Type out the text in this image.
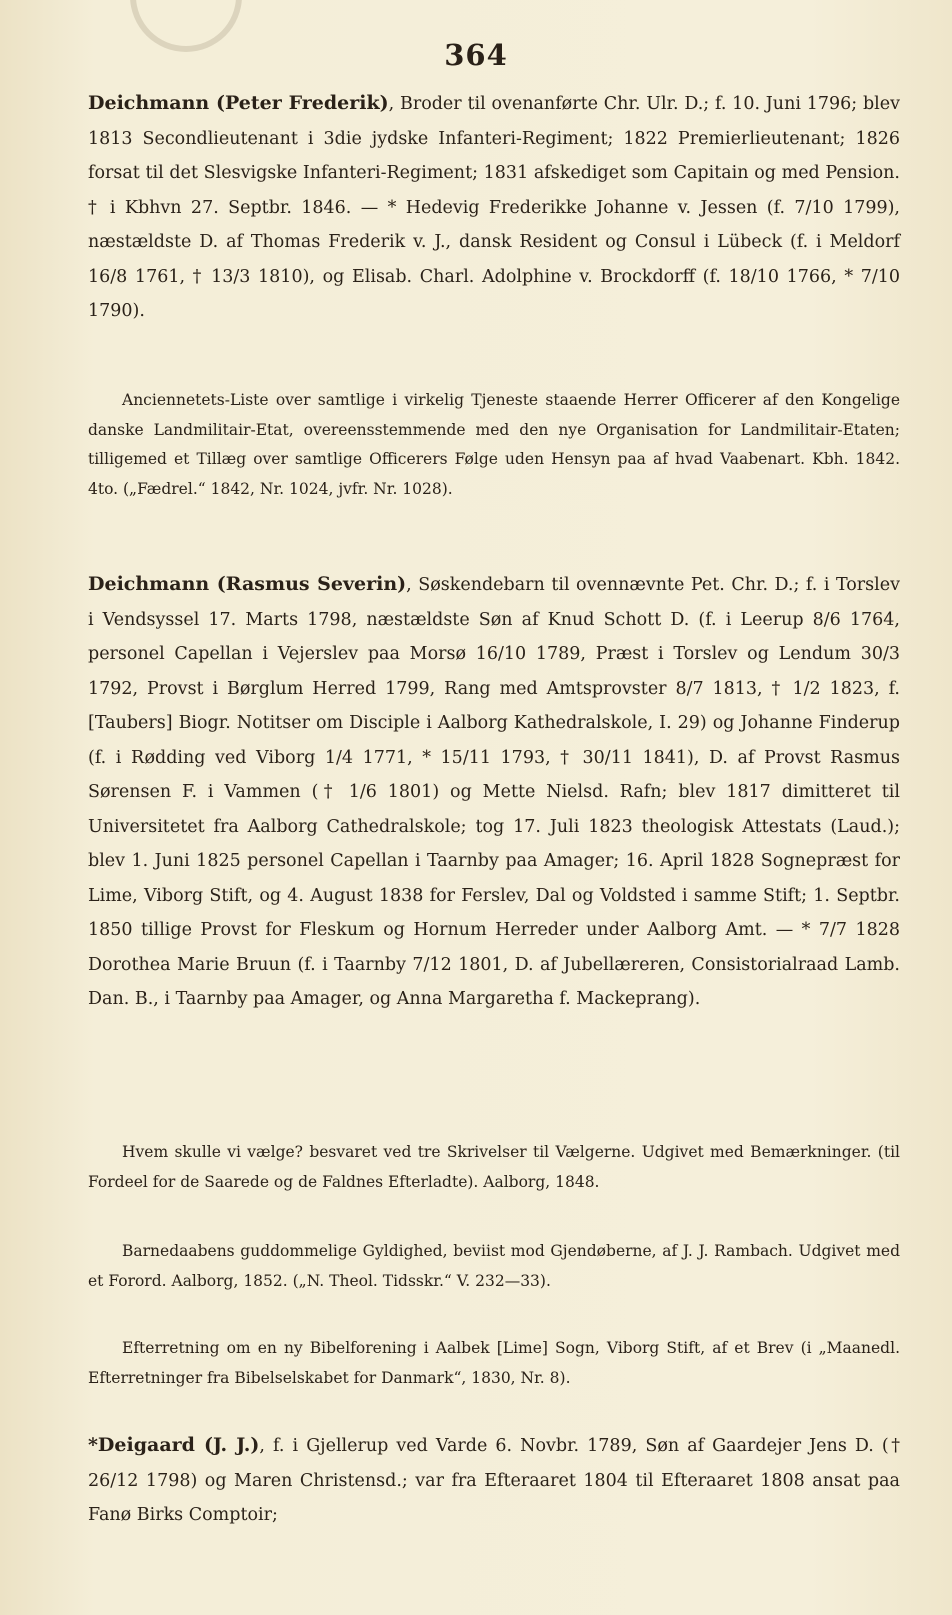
364
Deichmann (Peter Frederik), Broder til ovenanførte Chr. Ulr. D.; f. 10. Juni 1796; blev 1813 Secondlieutenant i 3die jydske Infanteri-Regiment; 1822 Premierlieutenant; 1826 forsat til det Slesvigske Infanteri-Regiment; 1831 afskediget som Capitain og med Pension. † i Kbhvn 27. Septbr. 1846. — * Hedevig Frederikke Johanne v. Jessen (f. 7/10 1799), næstældste D. af Thomas Frederik v. J., dansk Resident og Consul i Lübeck (f. i Meldorf 16/8 1761, † 13/3 1810), og Elisab. Charl. Adolphine v. Brockdorff (f. 18/10 1766, * 7/10 1790).
Anciennetets-Liste over samtlige i virkelig Tjeneste staaende Herrer Officerer af den Kongelige danske Landmilitair-Etat, overeensstemmende med den nye Organisation for Landmilitair-Etaten; tilligemed et Tillæg over samtlige Officerers Følge uden Hensyn paa af hvad Vaabenart. Kbh. 1842. 4to. („Fædrel.“ 1842, Nr. 1024, jvfr. Nr. 1028).
Deichmann (Rasmus Severin), Søskendebarn til ovennævnte Pet. Chr. D.; f. i Torslev i Vendsyssel 17. Marts 1798, næstældste Søn af Knud Schott D. (f. i Leerup 8/6 1764, personel Capellan i Vejerslev paa Morsø 16/10 1789, Præst i Torslev og Lendum 30/3 1792, Provst i Børglum Herred 1799, Rang med Amtsprovster 8/7 1813, † 1/2 1823, f. [Taubers] Biogr. Notitser om Disciple i Aalborg Kathedralskole, I. 29) og Johanne Finderup (f. i Rødding ved Viborg 1/4 1771, * 15/11 1793, † 30/11 1841), D. af Provst Rasmus Sørensen F. i Vammen († 1/6 1801) og Mette Nielsd. Rafn; blev 1817 dimitteret til Universitetet fra Aalborg Cathedralskole; tog 17. Juli 1823 theologisk Attestats (Laud.); blev 1. Juni 1825 personel Capellan i Taarnby paa Amager; 16. April 1828 Sognepræst for Lime, Viborg Stift, og 4. August 1838 for Ferslev, Dal og Voldsted i samme Stift; 1. Septbr. 1850 tillige Provst for Fleskum og Hornum Herreder under Aalborg Amt. — * 7/7 1828 Dorothea Marie Bruun (f. i Taarnby 7/12 1801, D. af Jubellæreren, Consistorialraad Lamb. Dan. B., i Taarnby paa Amager, og Anna Margaretha f. Mackeprang).
Hvem skulle vi vælge? besvaret ved tre Skrivelser til Vælgerne. Udgivet med Bemærkninger. (til Fordeel for de Saarede og de Faldnes Efterladte). Aalborg, 1848.
Barnedaabens guddommelige Gyldighed, beviist mod Gjendøberne, af J. J. Rambach. Udgivet med et Forord. Aalborg, 1852. („N. Theol. Tidsskr.“ V. 232—33).
Efterretning om en ny Bibelforening i Aalbek [Lime] Sogn, Viborg Stift, af et Brev (i „Maanedl. Efterretninger fra Bibelselskabet for Danmark“, 1830, Nr. 8).
*Deigaard (J. J.), f. i Gjellerup ved Varde 6. Novbr. 1789, Søn af Gaardejer Jens D. († 26/12 1798) og Maren Christensd.; var fra Efteraaret 1804 til Efteraaret 1808 ansat paa Fanø Birks Comptoir;
